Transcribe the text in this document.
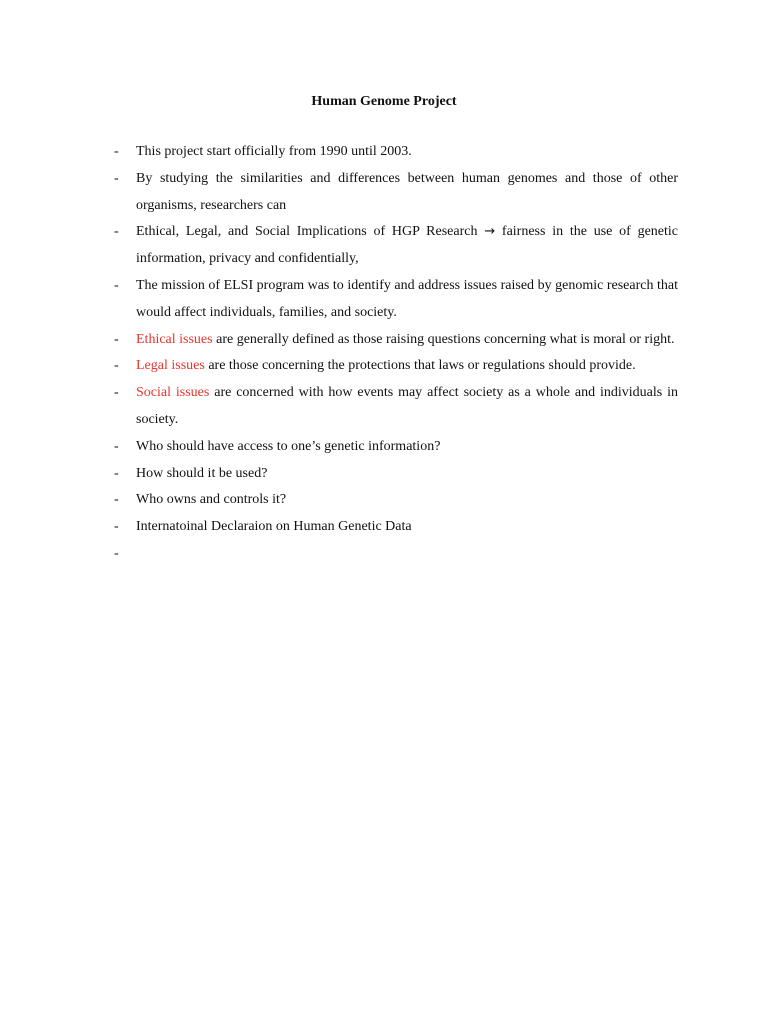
Human Genome Project
-	This project start officially from 1990 until 2003.
-	By studying the similarities and differences between human genomes and those of other organisms, researchers can
-	Ethical, Legal, and Social Implications of HGP Research → fairness in the use of genetic information, privacy and confidentially,
-	The mission of ELSI program was to identify and address issues raised by genomic research that would affect individuals, families, and society.
-	Ethical issues are generally defined as those raising questions concerning what is moral or right.
-	Legal issues are those concerning the protections that laws or regulations should provide.
-	Social issues are concerned with how events may affect society as a whole and individuals in society.
-	Who should have access to one’s genetic information?
-	How should it be used?
-	Who owns and controls it?
-	Internatoinal Declaraion on Human Genetic Data
-
